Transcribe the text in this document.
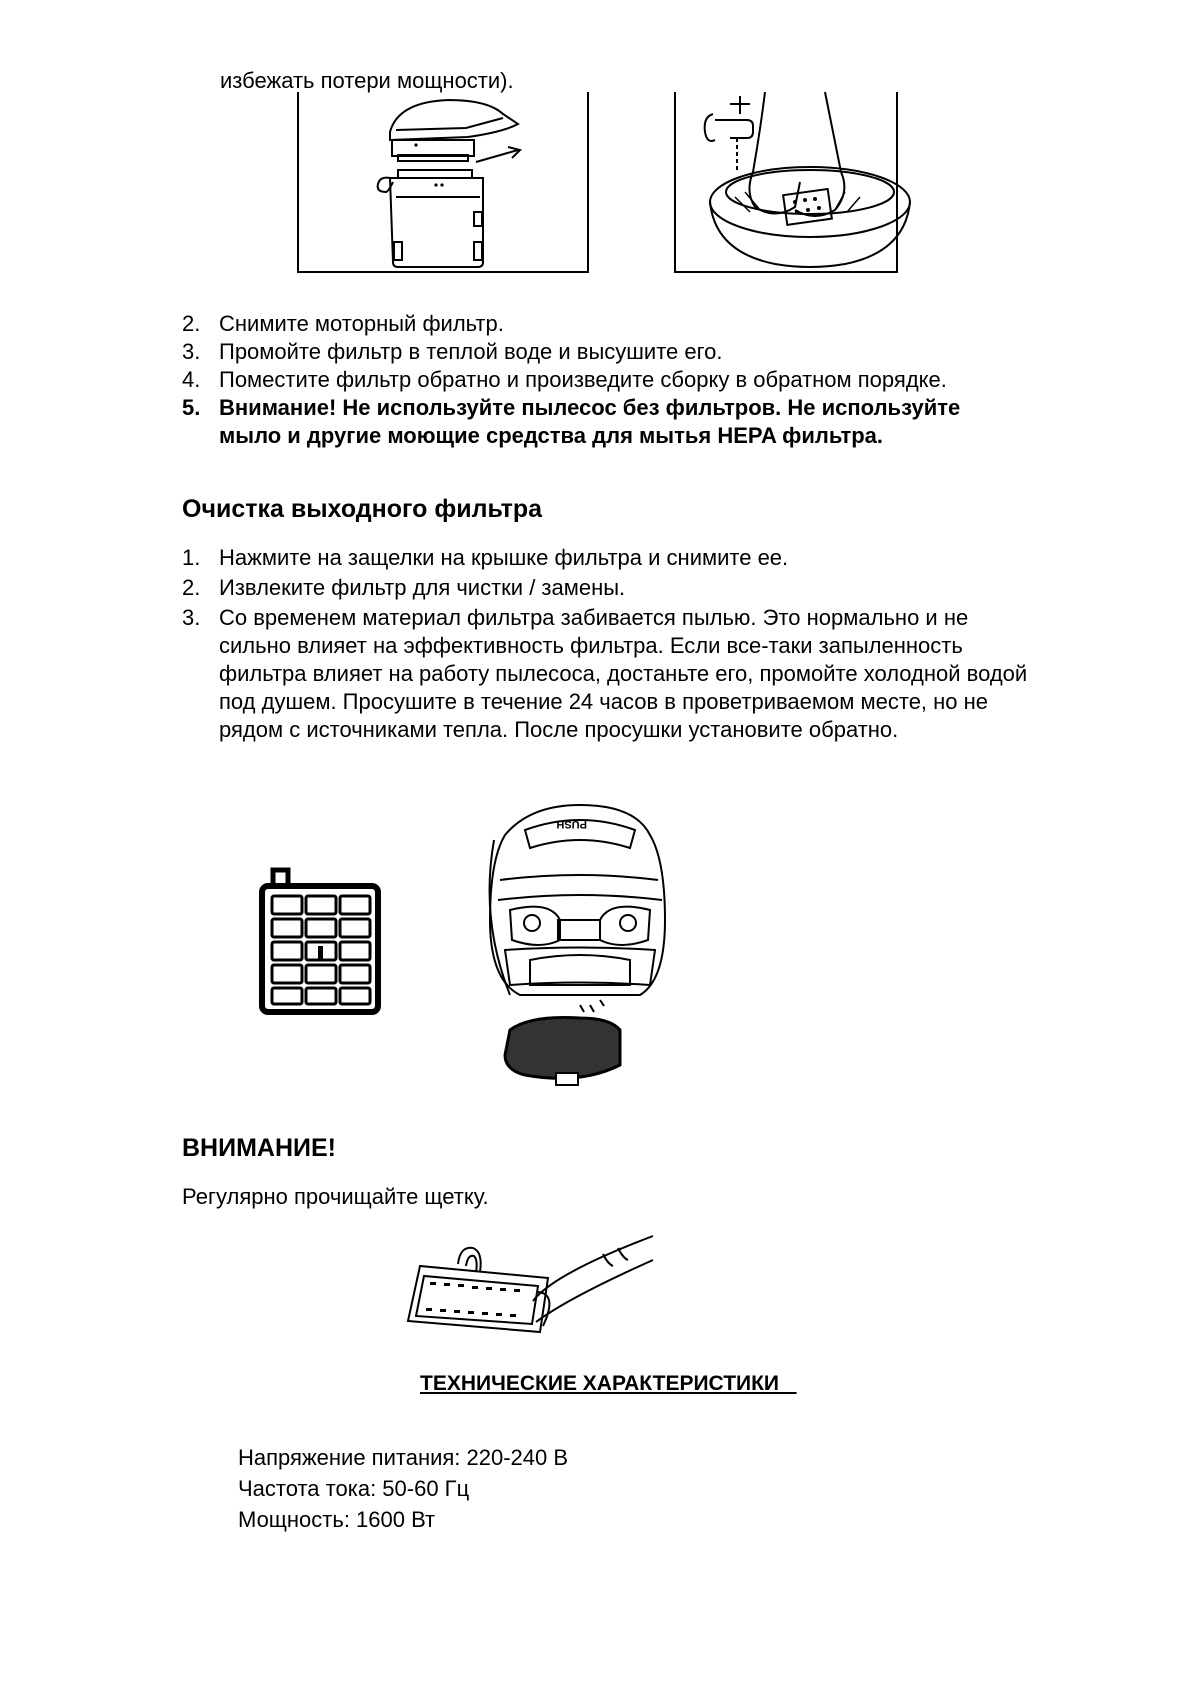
избежать потери мощности).
2. Снимите моторный фильтр.
3. Промойте фильтр в теплой воде и высушите его.
4. Поместите фильтр обратно и произведите сборку в обратном порядке.
5. Внимание! Не используйте пылесос без фильтров. Не используйте мыло и другие моющие средства для мытья HEPA фильтра.
Очистка выходного фильтра
1. Нажмите на защелки на крышке фильтра и снимите ее.
2. Извлеките фильтр для чистки / замены.
3. Со временем материал фильтра забивается пылью. Это нормально и не сильно влияет на эффективность фильтра. Если все-таки запыленность фильтра влияет на работу пылесоса, достаньте его, промойте холодной водой под душем. Просушите в течение 24 часов в проветриваемом месте, но не рядом с источниками тепла. После просушки установите обратно.
PUSH
ВНИМАНИЕ!
Регулярно прочищайте щетку.
ТЕХНИЧЕСКИЕ ХАРАКТЕРИСТИКИ
Напряжение питания: 220-240 В
Частота тока: 50-60 Гц
Мощность: 1600 Вт
